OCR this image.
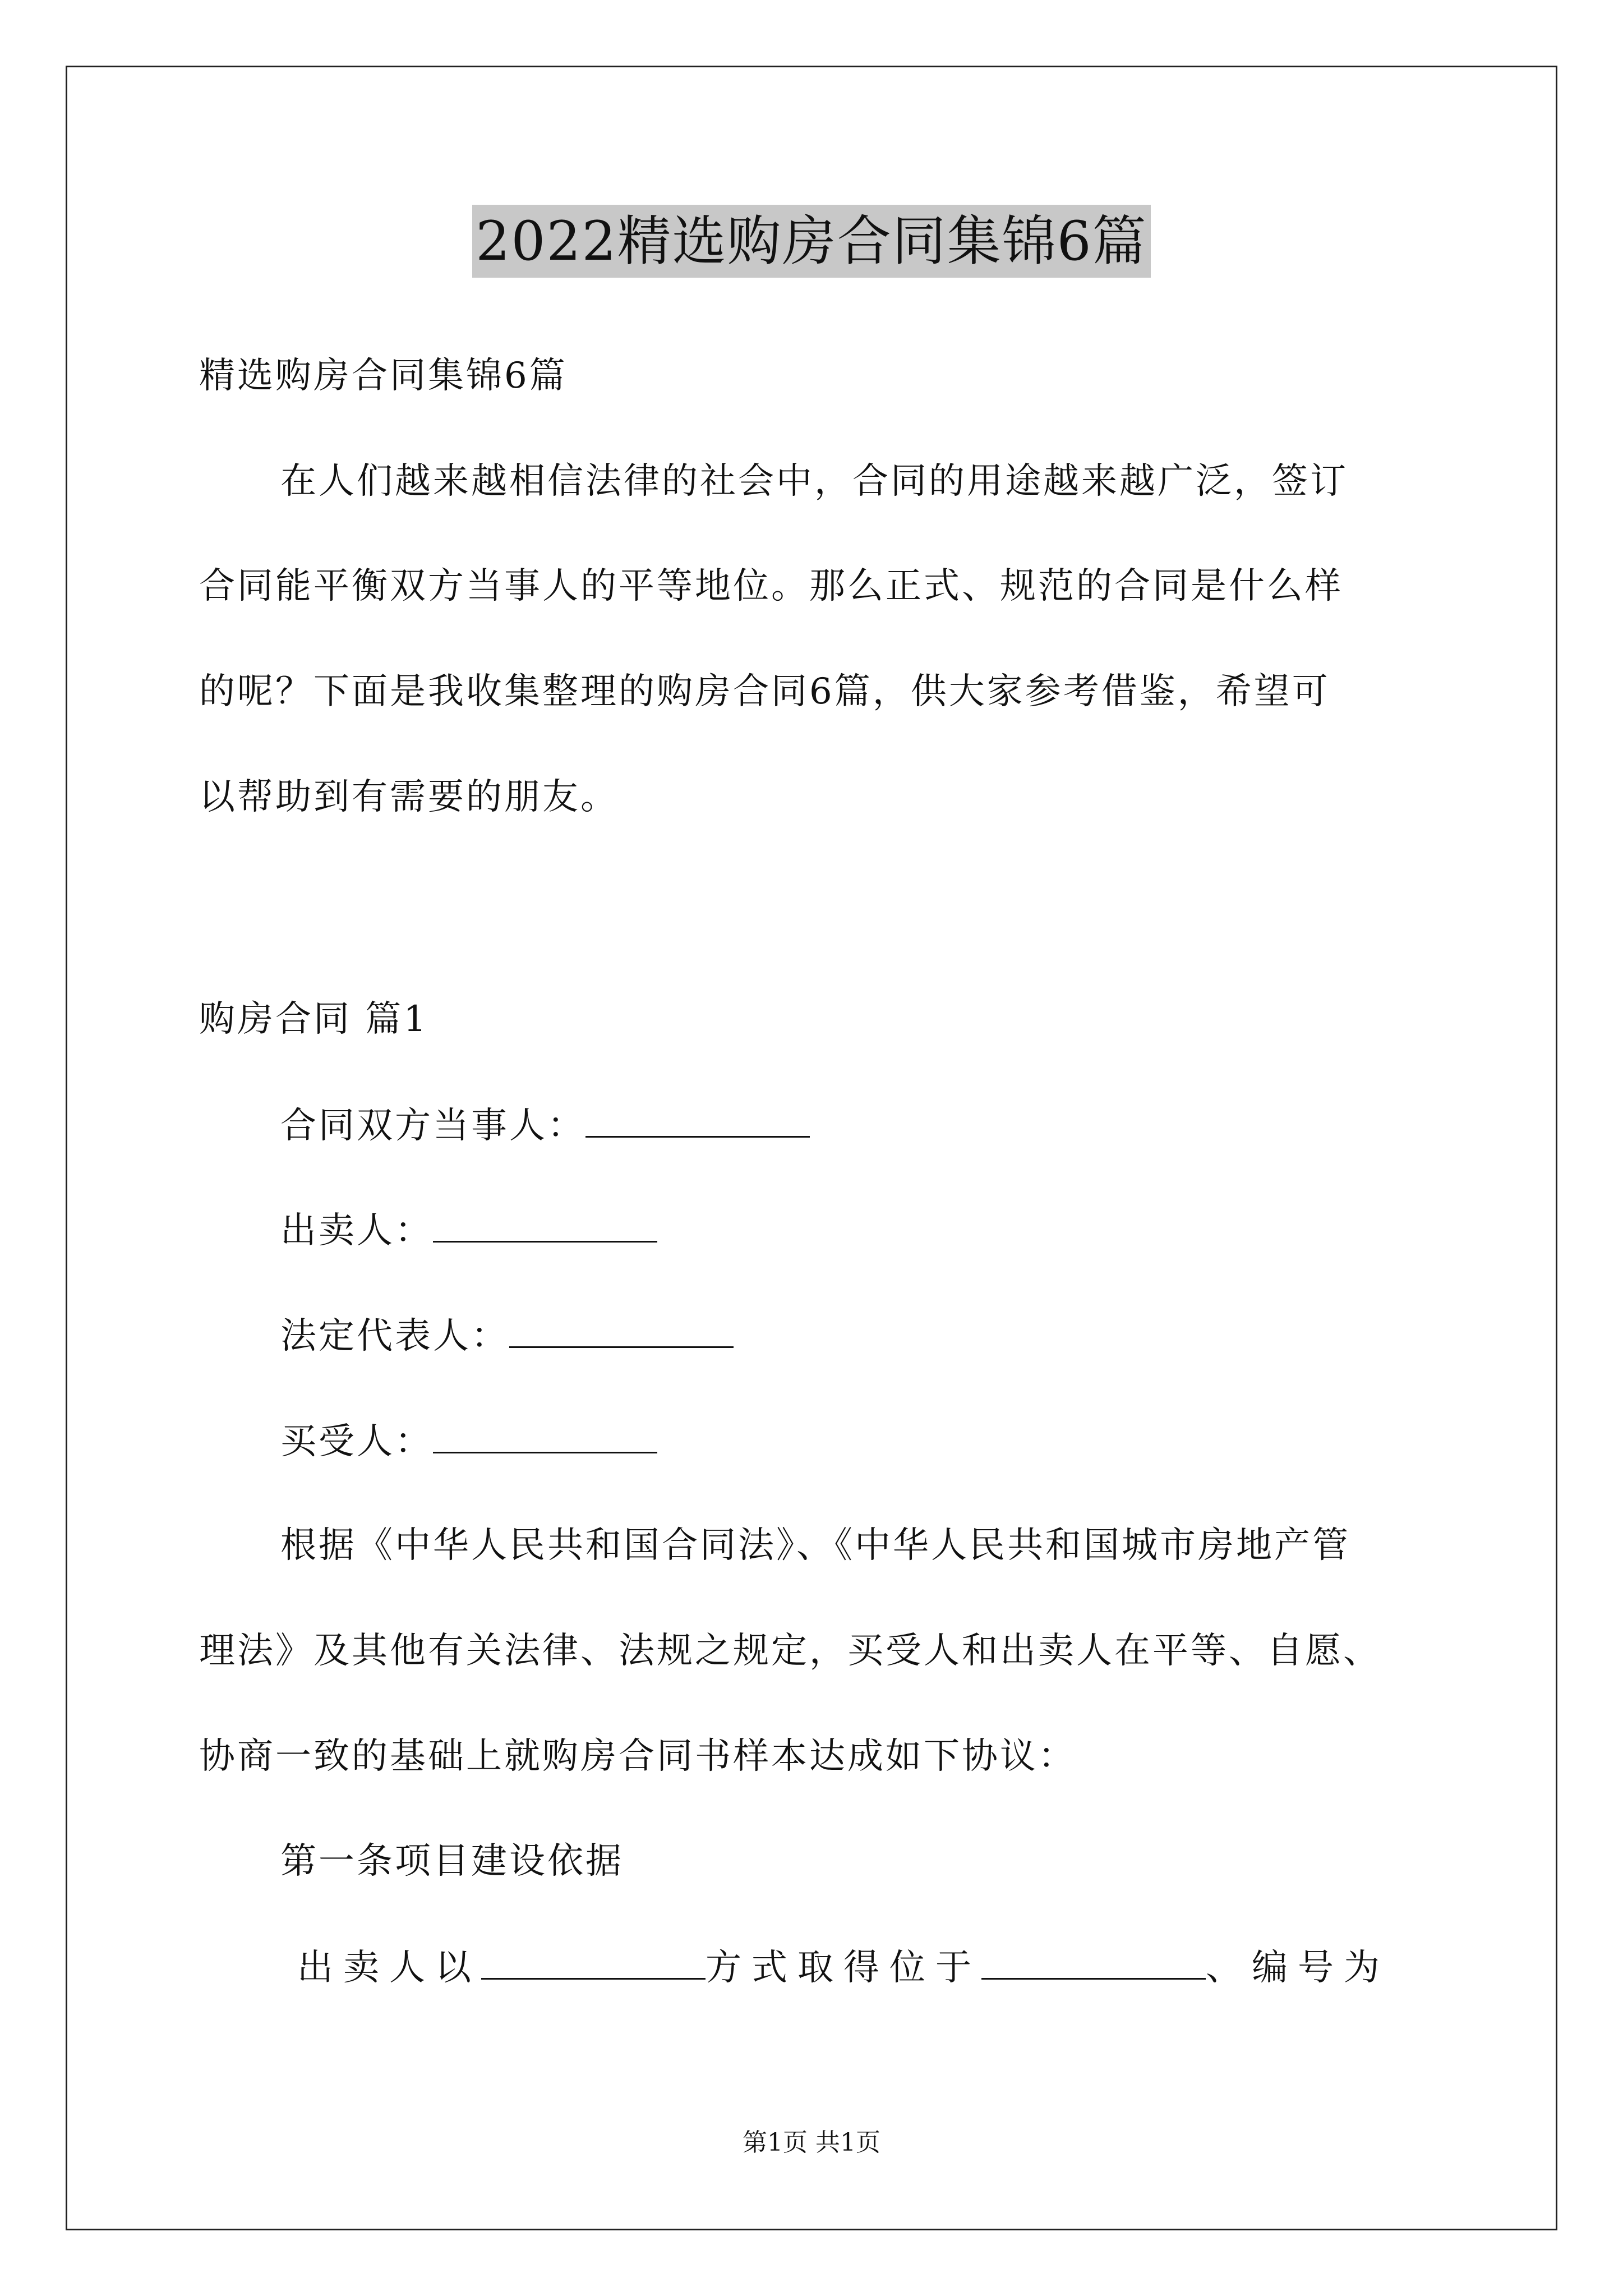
2022精选购房合同集锦6篇
精选购房合同集锦6篇
在人们越来越相信法律的社会中，合同的用途越来越广泛，签订
合同能平衡双方当事人的平等地位。那么正式、规范的合同是什么样
的呢？下面是我收集整理的购房合同6篇，供大家参考借鉴，希望可
以帮助到有需要的朋友。
购房合同 篇1
合同双方当事人：
出卖人：
法定代表人：
买受人：
根据《中华人民共和国合同法》、《中华人民共和国城市房地产管
理法》及其他有关法律、法规之规定，买受人和出卖人在平等、自愿、
协商一致的基础上就购房合同书样本达成如下协议：
第一条项目建设依据
出卖人以	方式取得位于	、编号为
第1页 共1页
